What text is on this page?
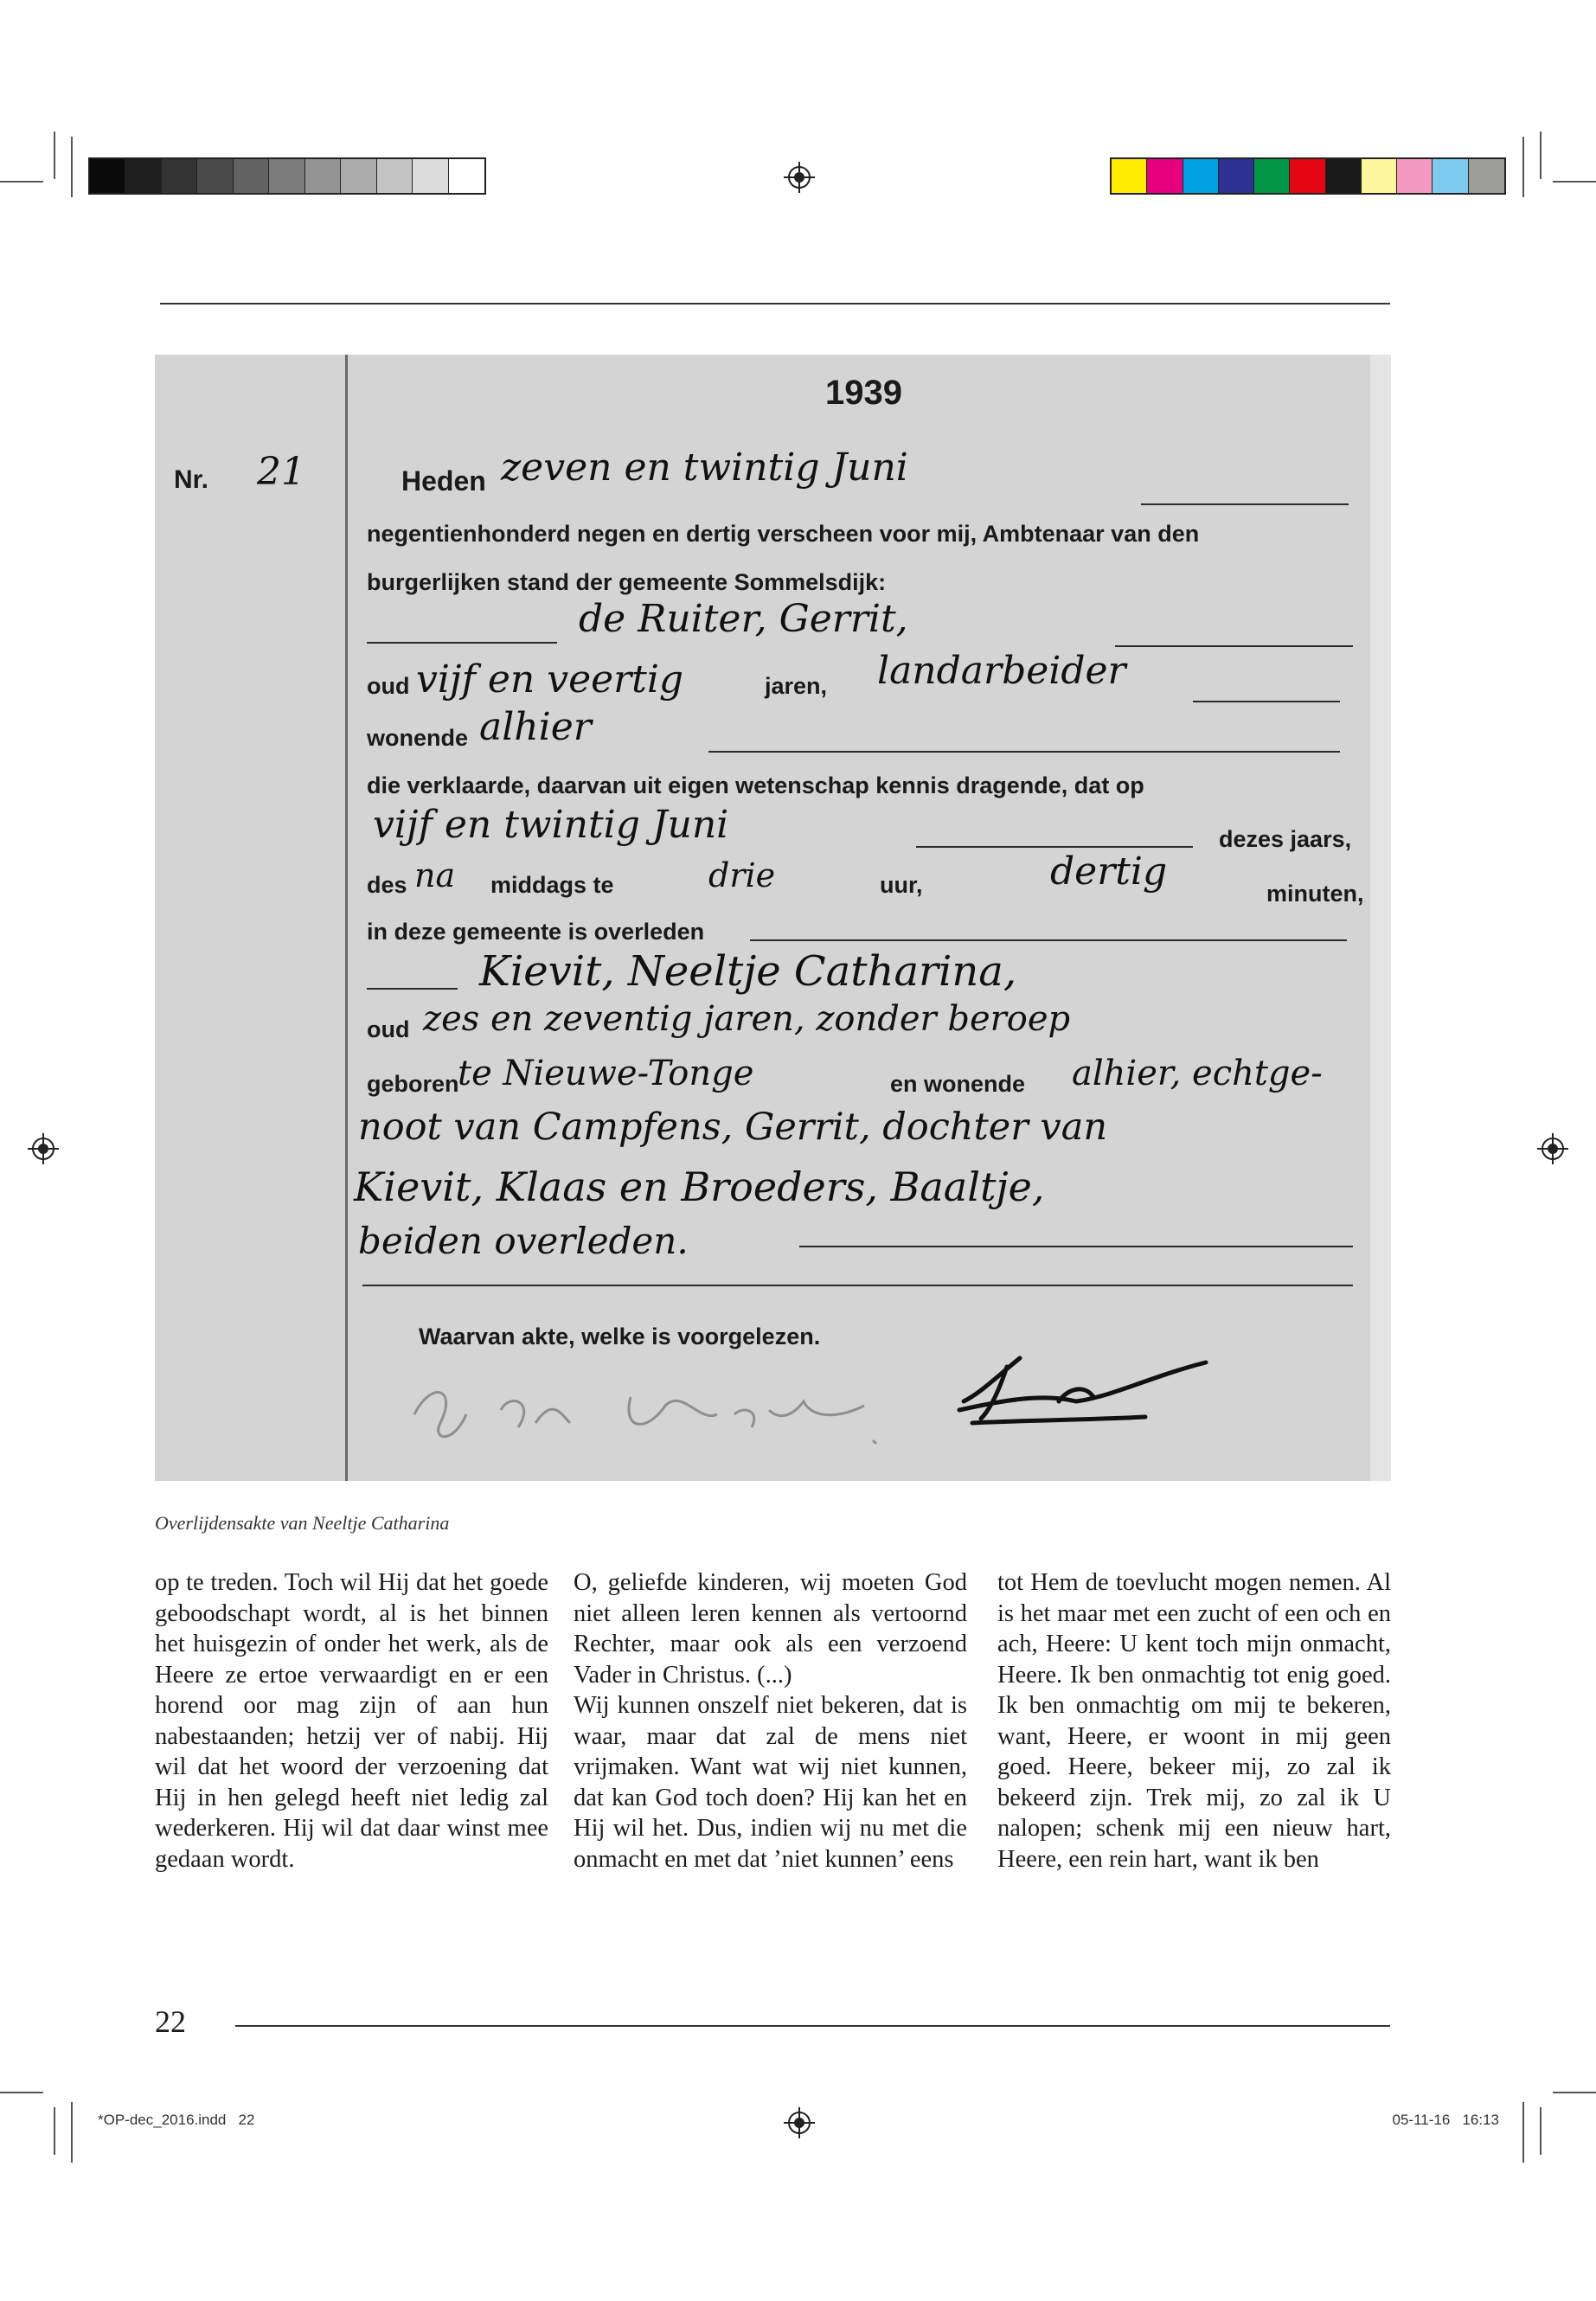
1939
Nr. 21	Heden zeven en twintig Juni
negentienhonderd negen en dertig verscheen voor mij, Ambtenaar van den
burgerlijken stand der gemeente Sommelsdijk:
de Ruiter, Gerrit,
oud vijf en veertig	jaren, landarbeider
wonende alhier
die verklaarde, daarvan uit eigen wetenschap kennis dragende, dat op
vijf en twintig Juni	dezes jaars,
des na middags te	drie	uur,	dertig	minuten,
in deze gemeente is overleden
Kievit, Neeltje Catharina,
oud zes en zeventig jaren, zonder beroep
geboren
te Nieuwe-Tonge	en wonende alhier, echtge-
noot van Campfens, Gerrit, dochter van
Kievit, Klaas en Broeders, Baaltje,
beiden overleden.
Waarvan akte, welke is voorgelezen.
Overlijdensakte van Neeltje Catharina

op te treden. Toch wil Hij dat het goede geboodschapt wordt, al is het binnen het huisgezin of onder het werk, als de Heere ze ertoe verwaardigt en er een horend oor mag zijn of aan hun nabestaanden; hetzij ver of nabij. Hij wil dat het woord der verzoening dat Hij in hen gelegd heeft niet ledig zal wederkeren. Hij wil dat daar winst mee gedaan wordt.

O, geliefde kinderen, wij moeten God niet alleen leren kennen als vertoornd Rechter, maar ook als een verzoend Vader in Christus. (...)

Wij kunnen onszelf niet bekeren, dat is waar, maar dat zal de mens niet vrijmaken. Want wat wij niet kunnen, dat kan God toch doen? Hij kan het en Hij wil het. Dus, indien wij nu met die onmacht en met dat ’niet kunnen’ eens

tot Hem de toevlucht mogen nemen. Al is het maar met een zucht of een och en ach, Heere: U kent toch mijn onmacht, Heere. Ik ben onmachtig tot enig goed. Ik ben onmachtig om mij te bekeren, want, Heere, er woont in mij geen goed. Heere, bekeer mij, zo zal ik bekeerd zijn. Trek mij, zo zal ik U nalopen; schenk mij een nieuw hart, Heere, een rein hart, want ik ben

22
*OP-dec_2016.indd   22	05-11-16   16:13
